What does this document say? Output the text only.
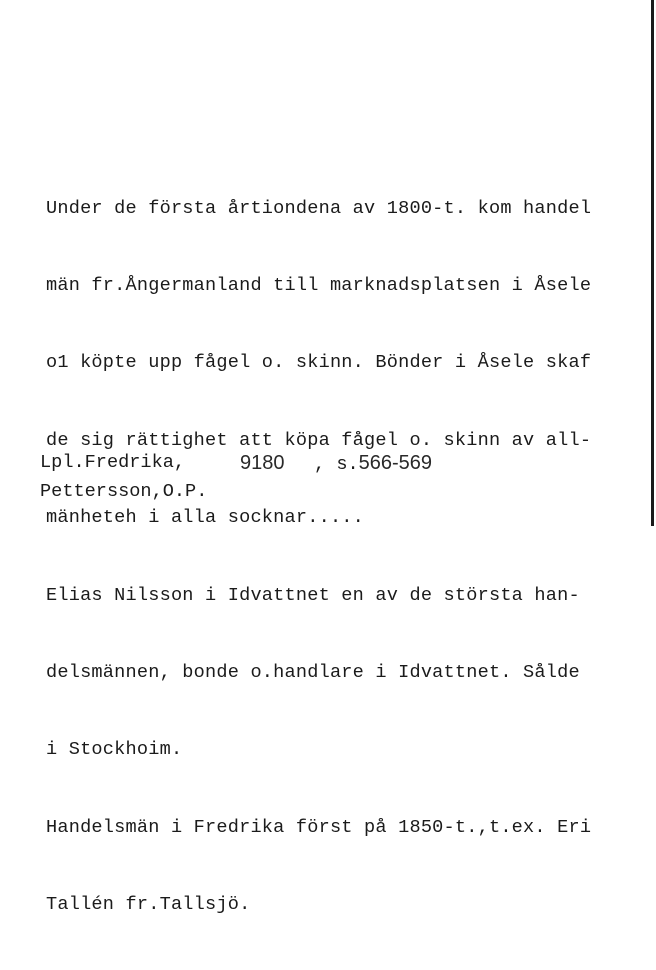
Under de första årtiondena av 1800-t. kom handel

män fr.Ångermanland till marknadsplatsen i Åsele

o1 köpte upp fågel o. skinn. Bönder i Åsele skaf

de sig rättighet att köpa fågel o. skinn av all-

mänheteh i alla socknar.....

Elias Nilsson i Idvattnet en av de största han-

delsmännen, bonde o.handlare i Idvattnet. Sålde

i Stockhoim.

Handelsmän i Fredrika först på 1850-t.,t.ex. Eri

Tallén fr.Tallsjö.

Lpl.Fredrika,	9180 , s.566-569
Pettersson,O.P.
